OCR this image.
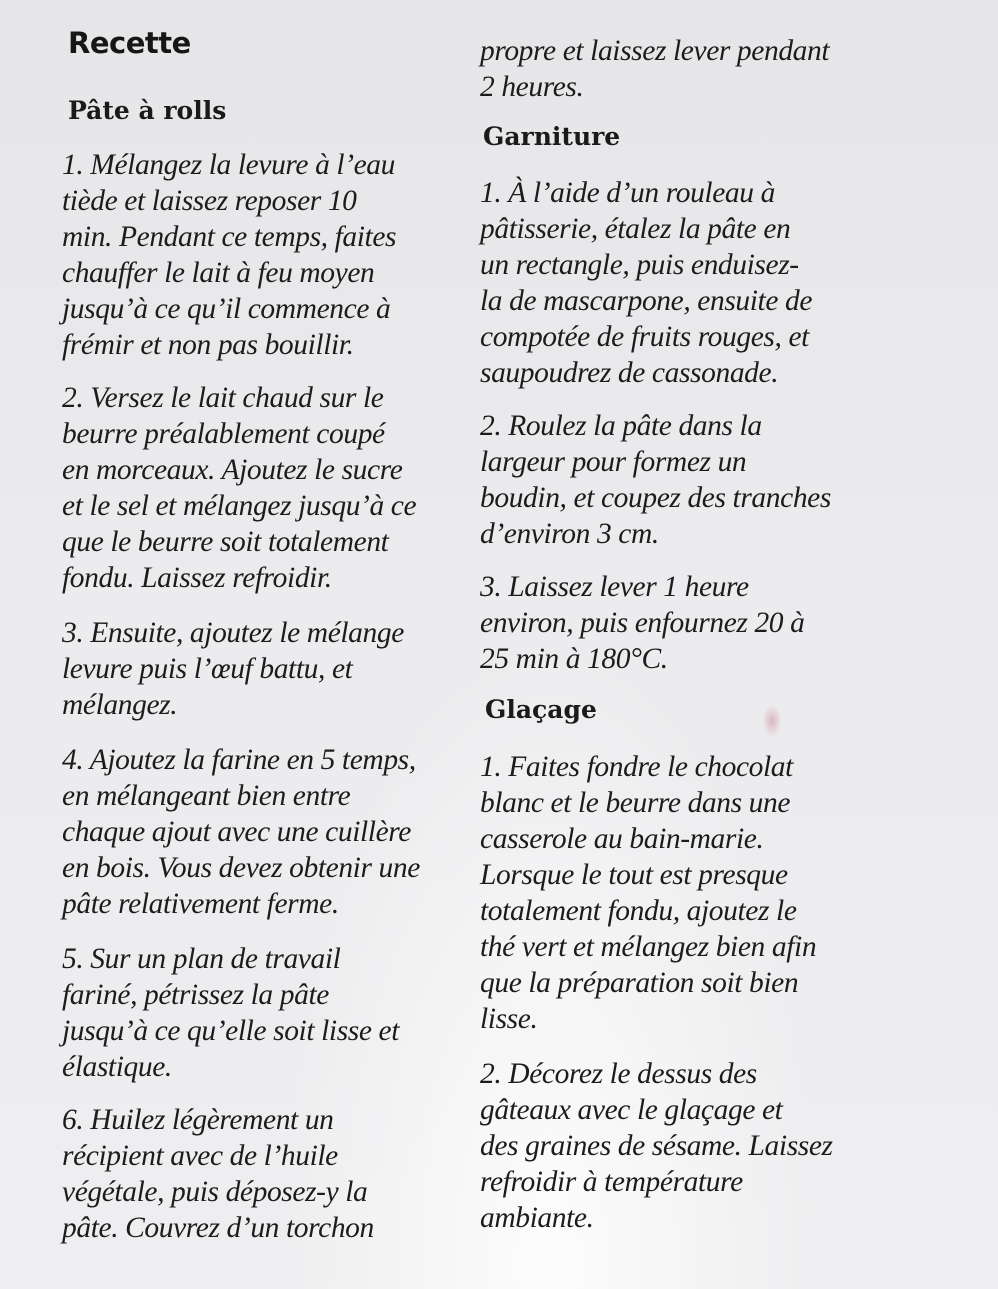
Recette
Pâte à rolls

1. Mélangez la levure à l’eau
tiède et laissez reposer 10
min. Pendant ce temps, faites
chauffer le lait à feu moyen
jusqu’à ce qu’il commence à
frémir et non pas bouillir.

2. Versez le lait chaud sur le
beurre préalablement coupé
en morceaux. Ajoutez le sucre
et le sel et mélangez jusqu’à ce
que le beurre soit totalement
fondu. Laissez refroidir.

3. Ensuite, ajoutez le mélange
levure puis l’œuf battu, et
mélangez.

4. Ajoutez la farine en 5 temps,
en mélangeant bien entre
chaque ajout avec une cuillère
en bois. Vous devez obtenir une
pâte relativement ferme.

5. Sur un plan de travail
fariné, pétrissez la pâte
jusqu’à ce qu’elle soit lisse et
élastique.

6. Huilez légèrement un
récipient avec de l’huile
végétale, puis déposez-y la
pâte. Couvrez d’un torchon

propre et laissez lever pendant
2 heures.

Garniture

1. À l’aide d’un rouleau à
pâtisserie, étalez la pâte en
un rectangle, puis enduisez-
la de mascarpone, ensuite de
compotée de fruits rouges, et
saupoudrez de cassonade.

2. Roulez la pâte dans la
largeur pour formez un
boudin, et coupez des tranches
d’environ 3 cm.

3. Laissez lever 1 heure
environ, puis enfournez 20 à
25 min à 180°C.

Glaçage

1. Faites fondre le chocolat
blanc et le beurre dans une
casserole au bain-marie.
Lorsque le tout est presque
totalement fondu, ajoutez le
thé vert et mélangez bien afin
que la préparation soit bien
lisse.

2. Décorez le dessus des
gâteaux avec le glaçage et
des graines de sésame. Laissez
refroidir à température
ambiante.
